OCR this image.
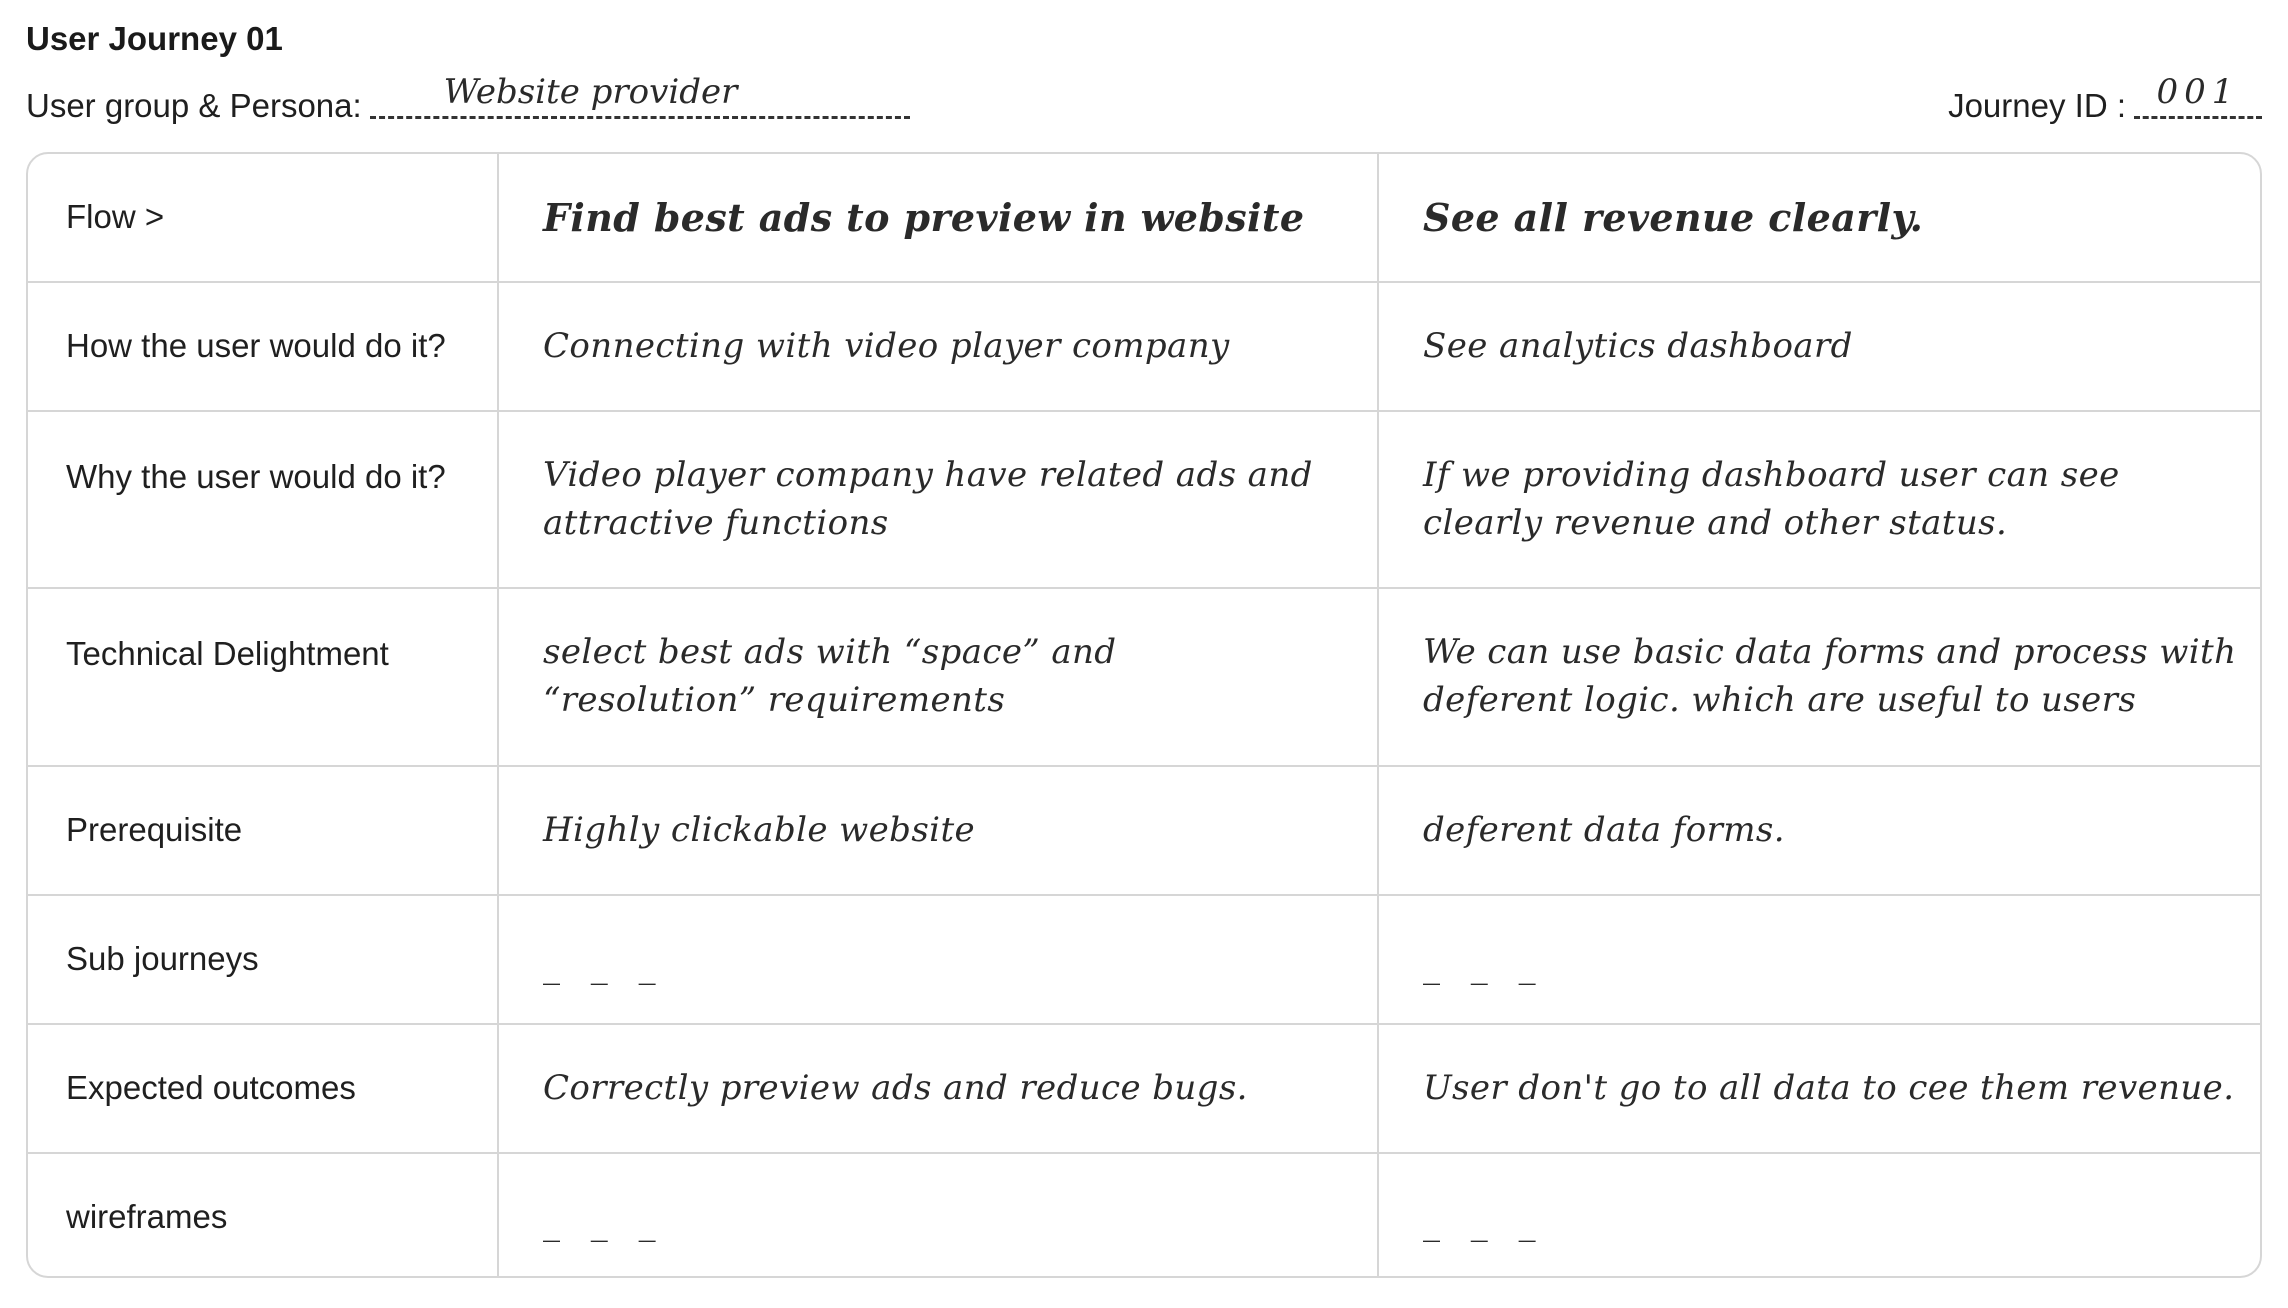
User Journey 01
User group & Persona: Website provider	Journey ID : 001
Flow >	Find best ads to preview in website	See all revenue clearly.

How the user would do it?	Connecting with video player company	See analytics dashboard

Why the user would do it?	Video player company have related ads and attractive functions	If we providing dashboard user can see clearly revenue and other status.

Technical Delightment	select best ads with “space” and “resolution” requirements	We can use basic data forms and process with deferent logic. which are useful to users

Prerequisite	Highly clickable website	deferent data forms.

Sub journeys	_ _ _	_ _ _

Expected outcomes	Correctly preview ads and reduce bugs.	User don't go to all data to cee them revenue.

wireframes	_ _ _	_ _ _
